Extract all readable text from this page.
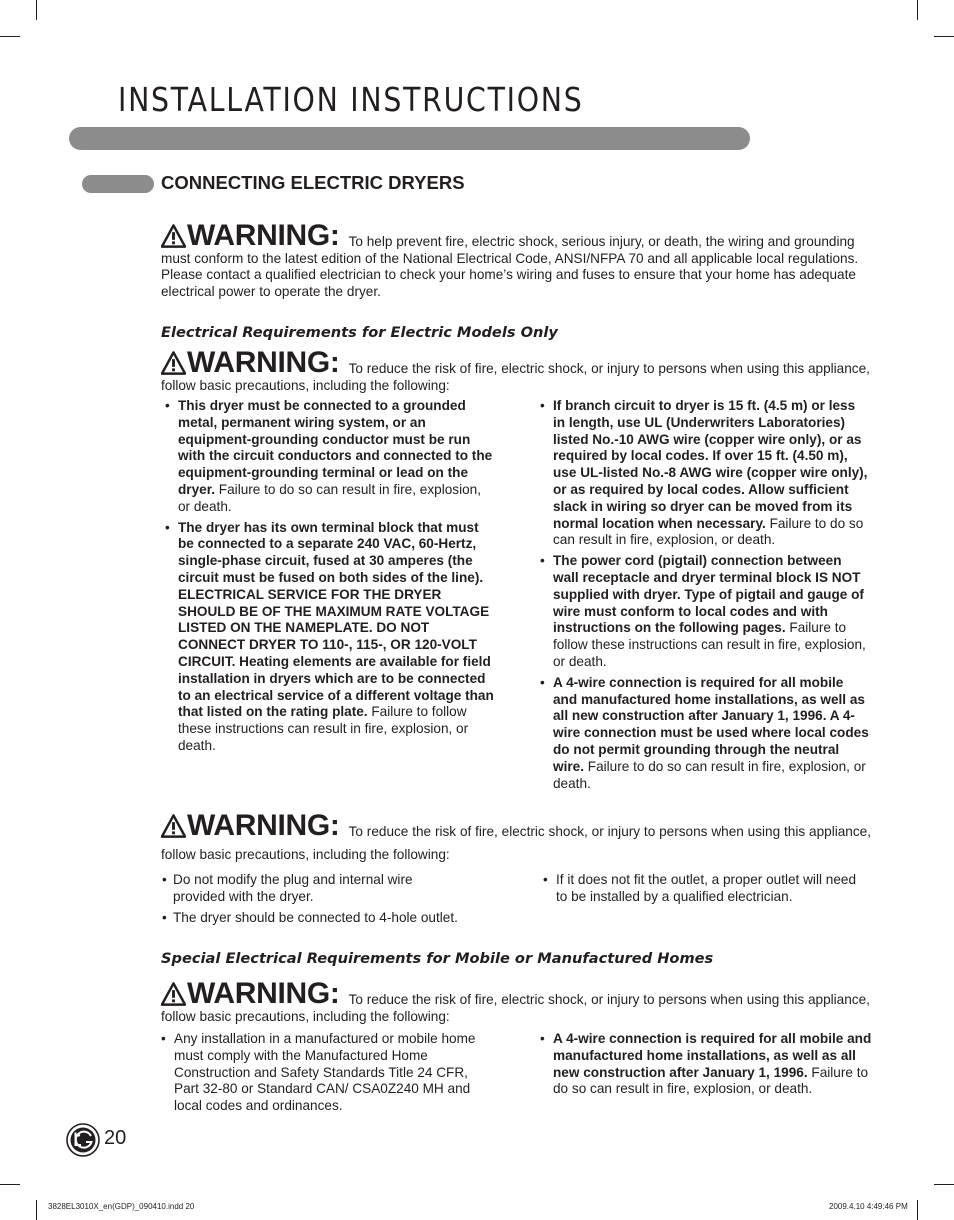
INSTALLATION INSTRUCTIONS
CONNECTING ELECTRIC DRYERS
WARNING: To help prevent fire, electric shock, serious injury, or death, the wiring and grounding must conform to the latest edition of the National Electrical Code, ANSI/NFPA 70 and all applicable local regulations. Please contact a qualified electrician to check your home’s wiring and fuses to ensure that your home has adequate electrical power to operate the dryer.
Electrical Requirements for Electric Models Only
WARNING: To reduce the risk of fire, electric shock, or injury to persons when using this appliance, follow basic precautions, including the following:
• This dryer must be connected to a grounded metal, permanent wiring system, or an equipment-grounding conductor must be run with the circuit conductors and connected to the equipment-grounding terminal or lead on the dryer. Failure to do so can result in fire, explosion, or death.
• The dryer has its own terminal block that must be connected to a separate 240 VAC, 60-Hertz, single-phase circuit, fused at 30 amperes (the circuit must be fused on both sides of the line). ELECTRICAL SERVICE FOR THE DRYER SHOULD BE OF THE MAXIMUM RATE VOLTAGE LISTED ON THE NAMEPLATE. DO NOT CONNECT DRYER TO 110-, 115-, OR 120-VOLT CIRCUIT. Heating elements are available for field installation in dryers which are to be connected to an electrical service of a different voltage than that listed on the rating plate. Failure to follow these instructions can result in fire, explosion, or death.
• If branch circuit to dryer is 15 ft. (4.5 m) or less in length, use UL (Underwriters Laboratories) listed No.-10 AWG wire (copper wire only), or as required by local codes. If over 15 ft. (4.50 m), use UL-listed No.-8 AWG wire (copper wire only), or as required by local codes. Allow sufficient slack in wiring so dryer can be moved from its normal location when necessary. Failure to do so can result in fire, explosion, or death.
• The power cord (pigtail) connection between wall receptacle and dryer terminal block IS NOT supplied with dryer. Type of pigtail and gauge of wire must conform to local codes and with instructions on the following pages. Failure to follow these instructions can result in fire, explosion, or death.
• A 4-wire connection is required for all mobile and manufactured home installations, as well as all new construction after January 1, 1996. A 4-wire connection must be used where local codes do not permit grounding through the neutral wire. Failure to do so can result in fire, explosion, or death.
WARNING: To reduce the risk of fire, electric shock, or injury to persons when using this appliance, follow basic precautions, including the following:
• Do not modify the plug and internal wire provided with the dryer.
• The dryer should be connected to 4-hole outlet.
• If it does not fit the outlet, a proper outlet will need to be installed by a qualified electrician.
Special Electrical Requirements for Mobile or Manufactured Homes
WARNING: To reduce the risk of fire, electric shock, or injury to persons when using this appliance, follow basic precautions, including the following:
• Any installation in a manufactured or mobile home must comply with the Manufactured Home Construction and Safety Standards Title 24 CFR, Part 32-80 or Standard CAN/ CSA0Z240 MH and local codes and ordinances.
• A 4-wire connection is required for all mobile and manufactured home installations, as well as all new construction after January 1, 1996. Failure to do so can result in fire, explosion, or death.
20
3828EL3010X_en(GDP)_090410.indd 20	2009.4.10 4:49:46 PM
